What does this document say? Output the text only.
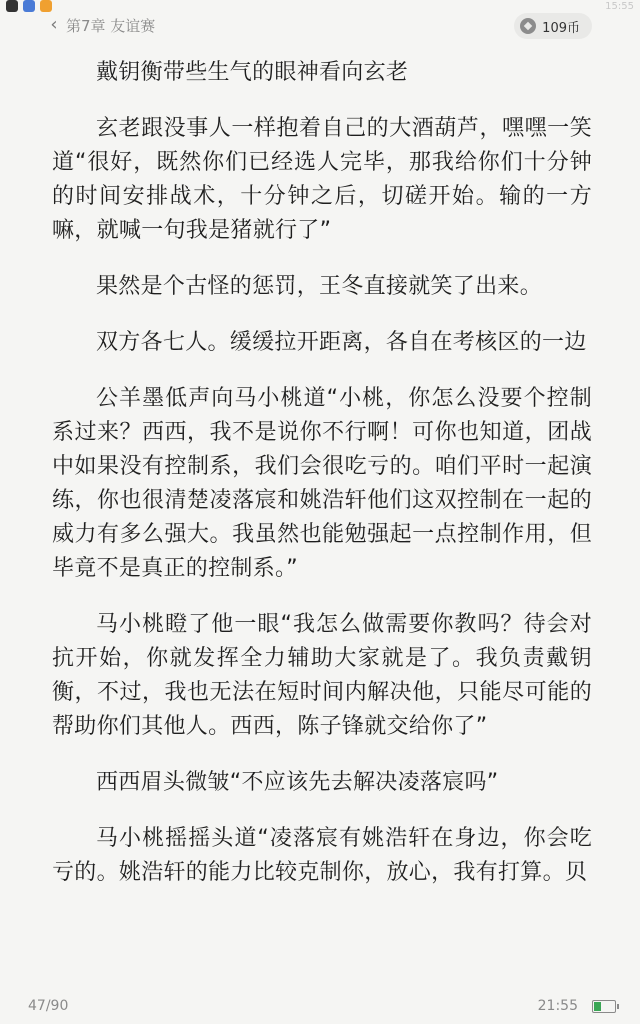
15:55
‹ 第7章 友谊赛	109币

戴钥衡带些生气的眼神看向玄老

玄老跟没事人一样抱着自己的大酒葫芦，嘿嘿一笑道“很好，既然你们已经选人完毕，那我给你们十分钟的时间安排战术，十分钟之后，切磋开始。输的一方嘛，就喊一句我是猪就行了”

果然是个古怪的惩罚，王冬直接就笑了出来。

双方各七人。缓缓拉开距离，各自在考核区的一边

公羊墨低声向马小桃道“小桃，你怎么没要个控制系过来？西西，我不是说你不行啊！可你也知道，团战中如果没有控制系，我们会很吃亏的。咱们平时一起演练，你也很清楚凌落宸和姚浩轩他们这双控制在一起的威力有多么强大。我虽然也能勉强起一点控制作用，但毕竟不是真正的控制系。”

马小桃瞪了他一眼“我怎么做需要你教吗？待会对抗开始，你就发挥全力辅助大家就是了。我负责戴钥衡，不过，我也无法在短时间内解决他，只能尽可能的帮助你们其他人。西西，陈子锋就交给你了”

西西眉头微皱“不应该先去解决凌落宸吗”

马小桃摇摇头道“凌落宸有姚浩轩在身边，你会吃亏的。姚浩轩的能力比较克制你，放心，我有打算。贝

47/90	21:55
